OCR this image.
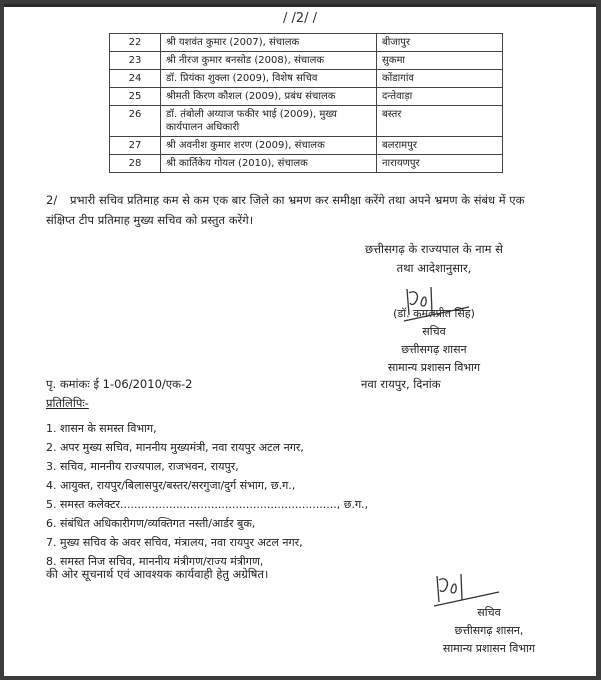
/ /2/ /
22	श्री यशवंत कुमार (2007), संचालक	बीजापुर
23	श्री नीरज कुमार बनसोड (2008), संचालक	सुकमा
24	डॉ. प्रियंका शुक्ला (2009), विशेष सचिव	कोंडागांव
25	श्रीमती किरण कौशल (2009), प्रबंध संचालक	दन्तेवाड़ा
26	डॉ. तंबोली अय्याज फकीर भाई (2009), मुख्य कार्यपालन अधिकारी	बस्तर
27	श्री अवनीश कुमार शरण (2009), संचालक	बलरामपुर
28	श्री कार्तिकेय गोयल (2010), संचालक	नारायणपुर
2/ प्रभारी सचिव प्रतिमाह कम से कम एक बार जिले का भ्रमण कर समीक्षा करेंगे तथा अपने भ्रमण के संबंध में एक संक्षिप्त टीप प्रतिमाह मुख्य सचिव को प्रस्तुत करेंगे।
छत्तीसगढ़ के राज्यपाल के नाम से
तथा आदेशानुसार,
(डॉ. कमलप्रीत सिंह)
सचिव
छत्तीसगढ़ शासन
सामान्य प्रशासन विभाग
पृ. कमांकः ई 1-06/2010/एक-2	नवा रायपुर, दिनांक
प्रतिलिपिः-
1. शासन के समस्त विभाग,
2. अपर मुख्य सचिव, माननीय मुख्यमंत्री, नवा रायपुर अटल नगर,
3. सचिव, माननीय राज्यपाल, राजभवन, रायपुर,
4. आयुक्त, रायपुर/बिलासपुर/बस्तर/सरगुजा/दुर्ग संभाग, छ.ग.,
5. समस्त कलेक्टर.............................................................., छ.ग.,
6. संबंधित अधिकारीगण/व्यक्तिगत नस्ती/आर्डर बुक,
7. मुख्य सचिव के अवर सचिव, मंत्रालय, नवा रायपुर अटल नगर,
8. समस्त निज सचिव, माननीय मंत्रीगण/राज्य मंत्रीगण,
की ओर सूचनार्थ एवं आवश्यक कार्यवाही हेतु अग्रेषित।
सचिव
छत्तीसगढ़ शासन,
सामान्य प्रशासन विभाग
